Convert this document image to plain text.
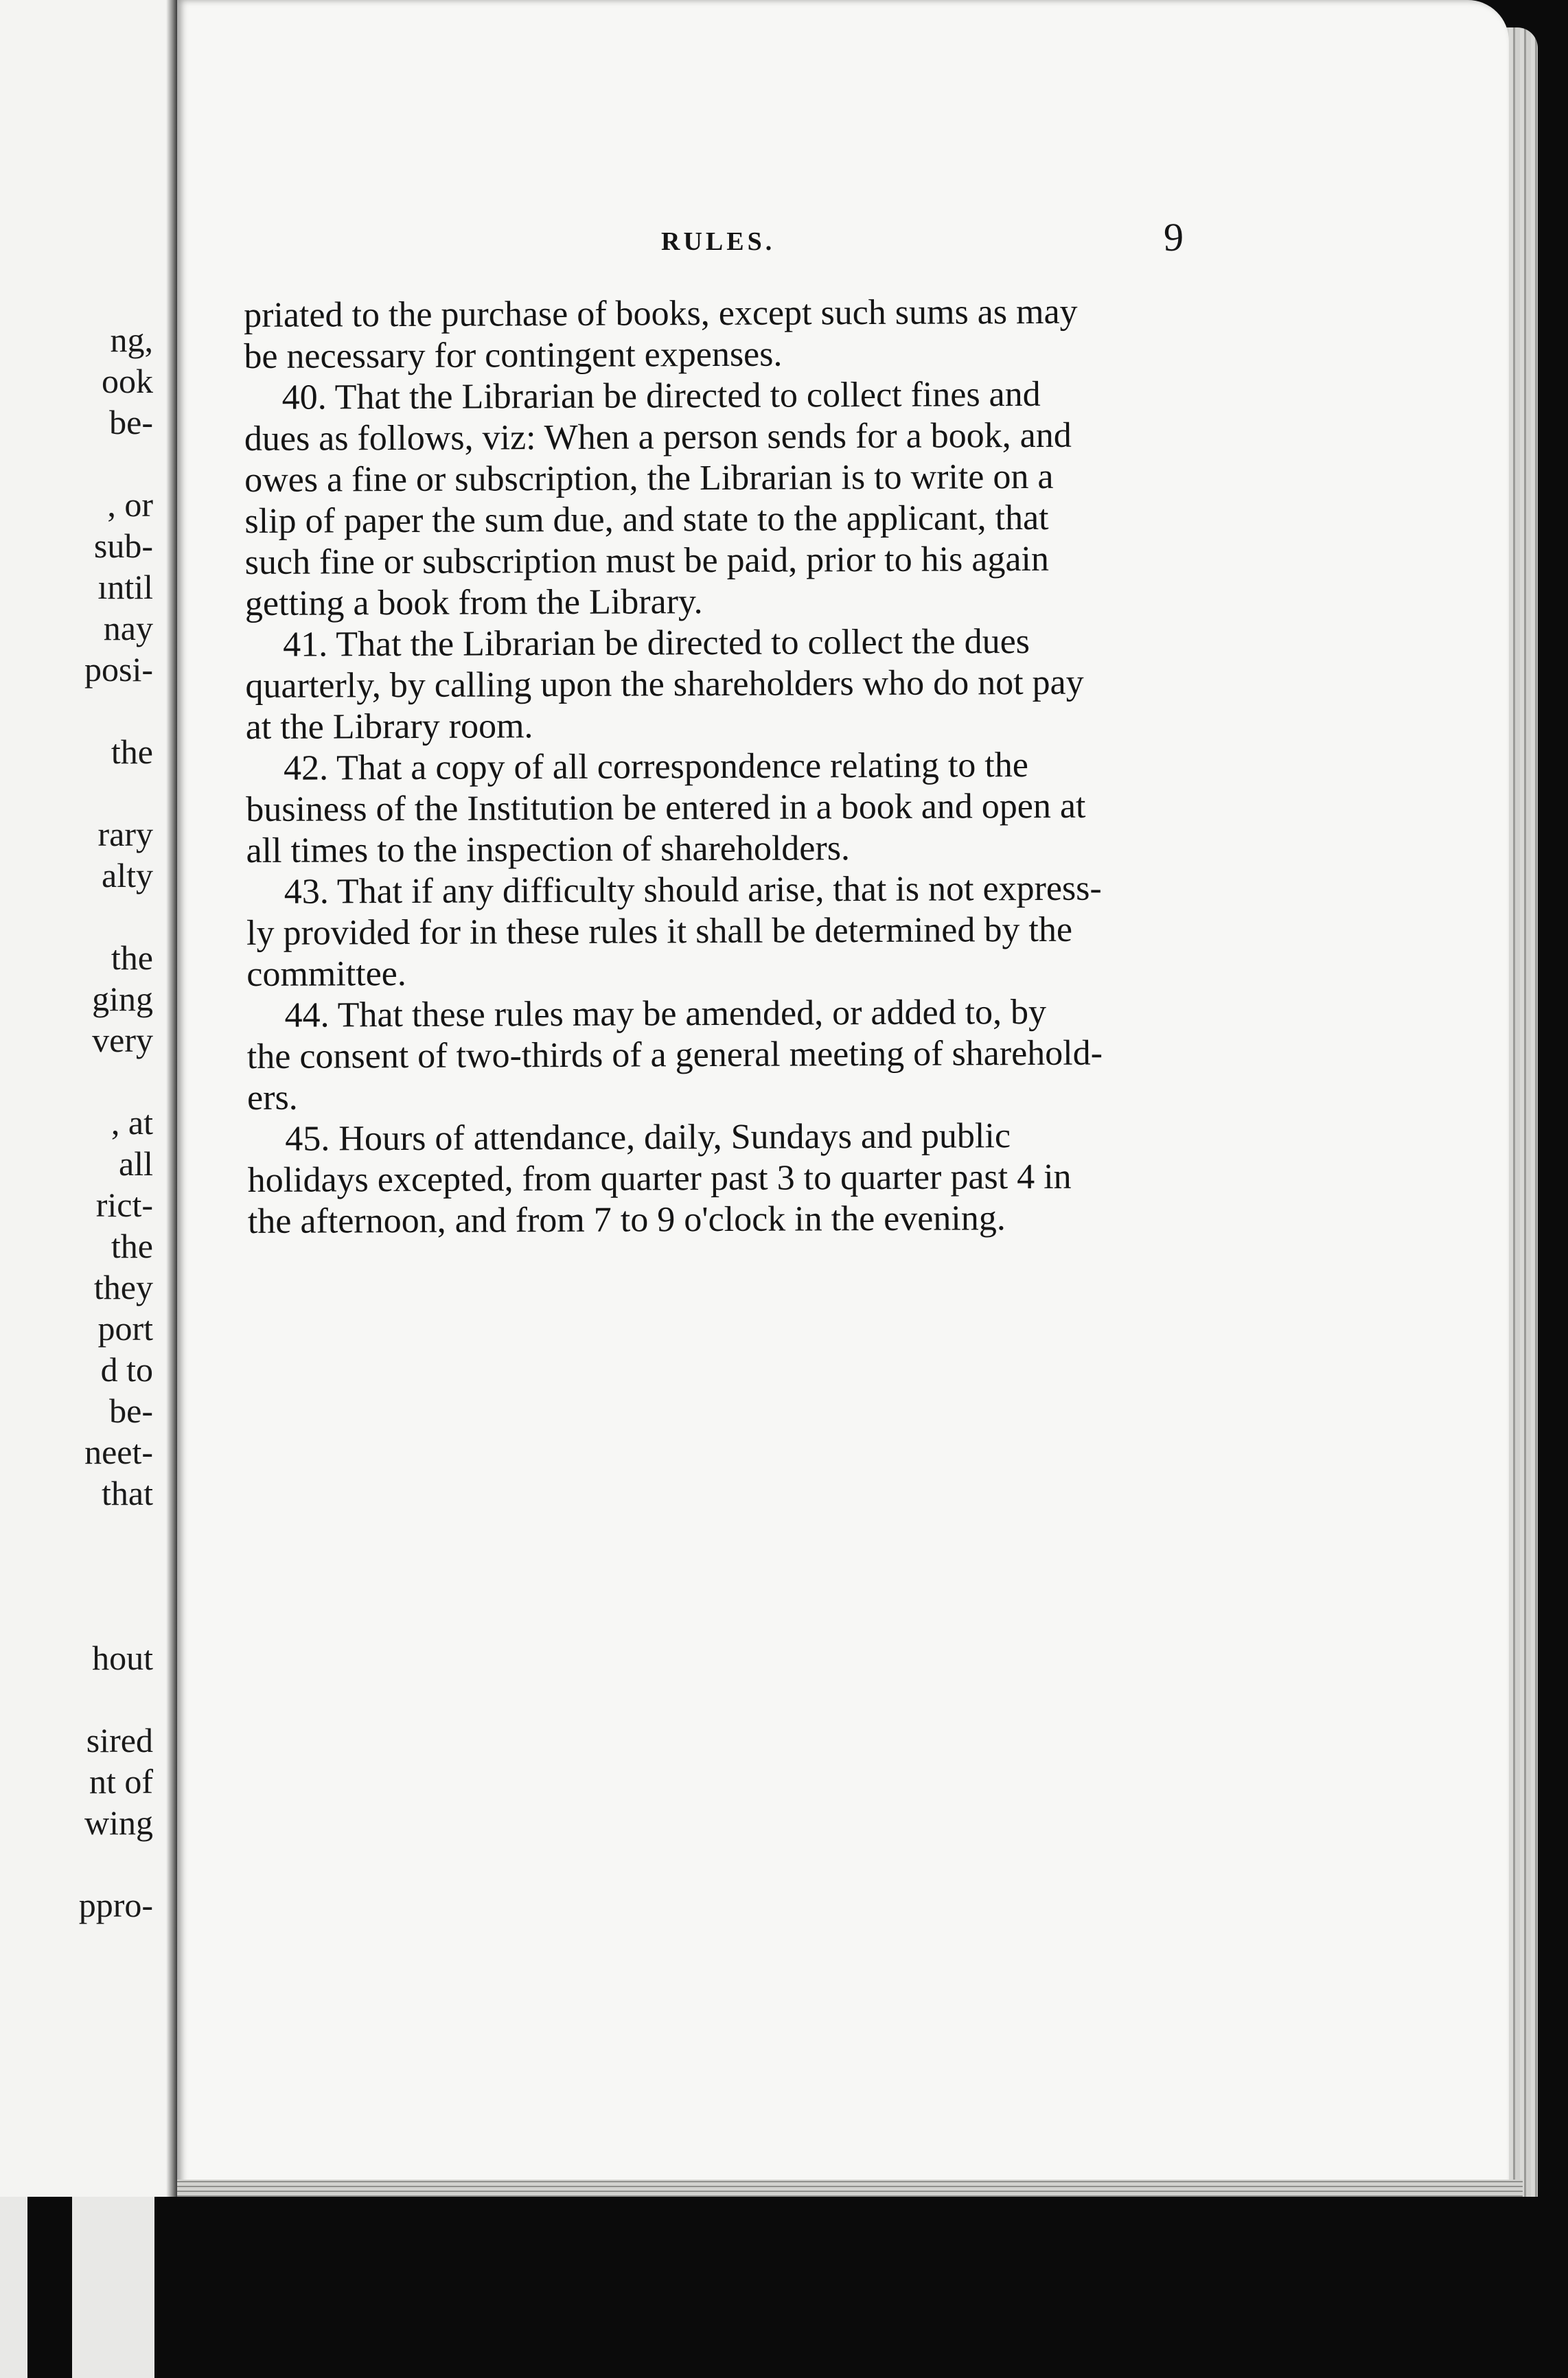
ng,
ook
be-
, or
sub-
ıntil
nay
posi-
the
rary
alty
the
ging
very
, at
all
rict-
the
they
port
d to
be-
neet-
that
hout
sired
nt of
wing
ppro-
RULES.	9
priated to the purchase of books, except such sums as may
be necessary for contingent expenses.
40. That the Librarian be directed to collect fines and
dues as follows, viz: When a person sends for a book, and
owes a fine or subscription, the Librarian is to write on a
slip of paper the sum due, and state to the applicant, that
such fine or subscription must be paid, prior to his again
getting a book from the Library.
41. That the Librarian be directed to collect the dues
quarterly, by calling upon the shareholders who do not pay
at the Library room.
42. That a copy of all correspondence relating to the
business of the Institution be entered in a book and open at
all times to the inspection of shareholders.
43. That if any difficulty should arise, that is not express-
ly provided for in these rules it shall be determined by the
committee.
44. That these rules may be amended, or added to, by
the consent of two-thirds of a general meeting of sharehold-
ers.
45. Hours of attendance, daily, Sundays and public
holidays excepted, from quarter past 3 to quarter past 4 in
the afternoon, and from 7 to 9 o'clock in the evening.
